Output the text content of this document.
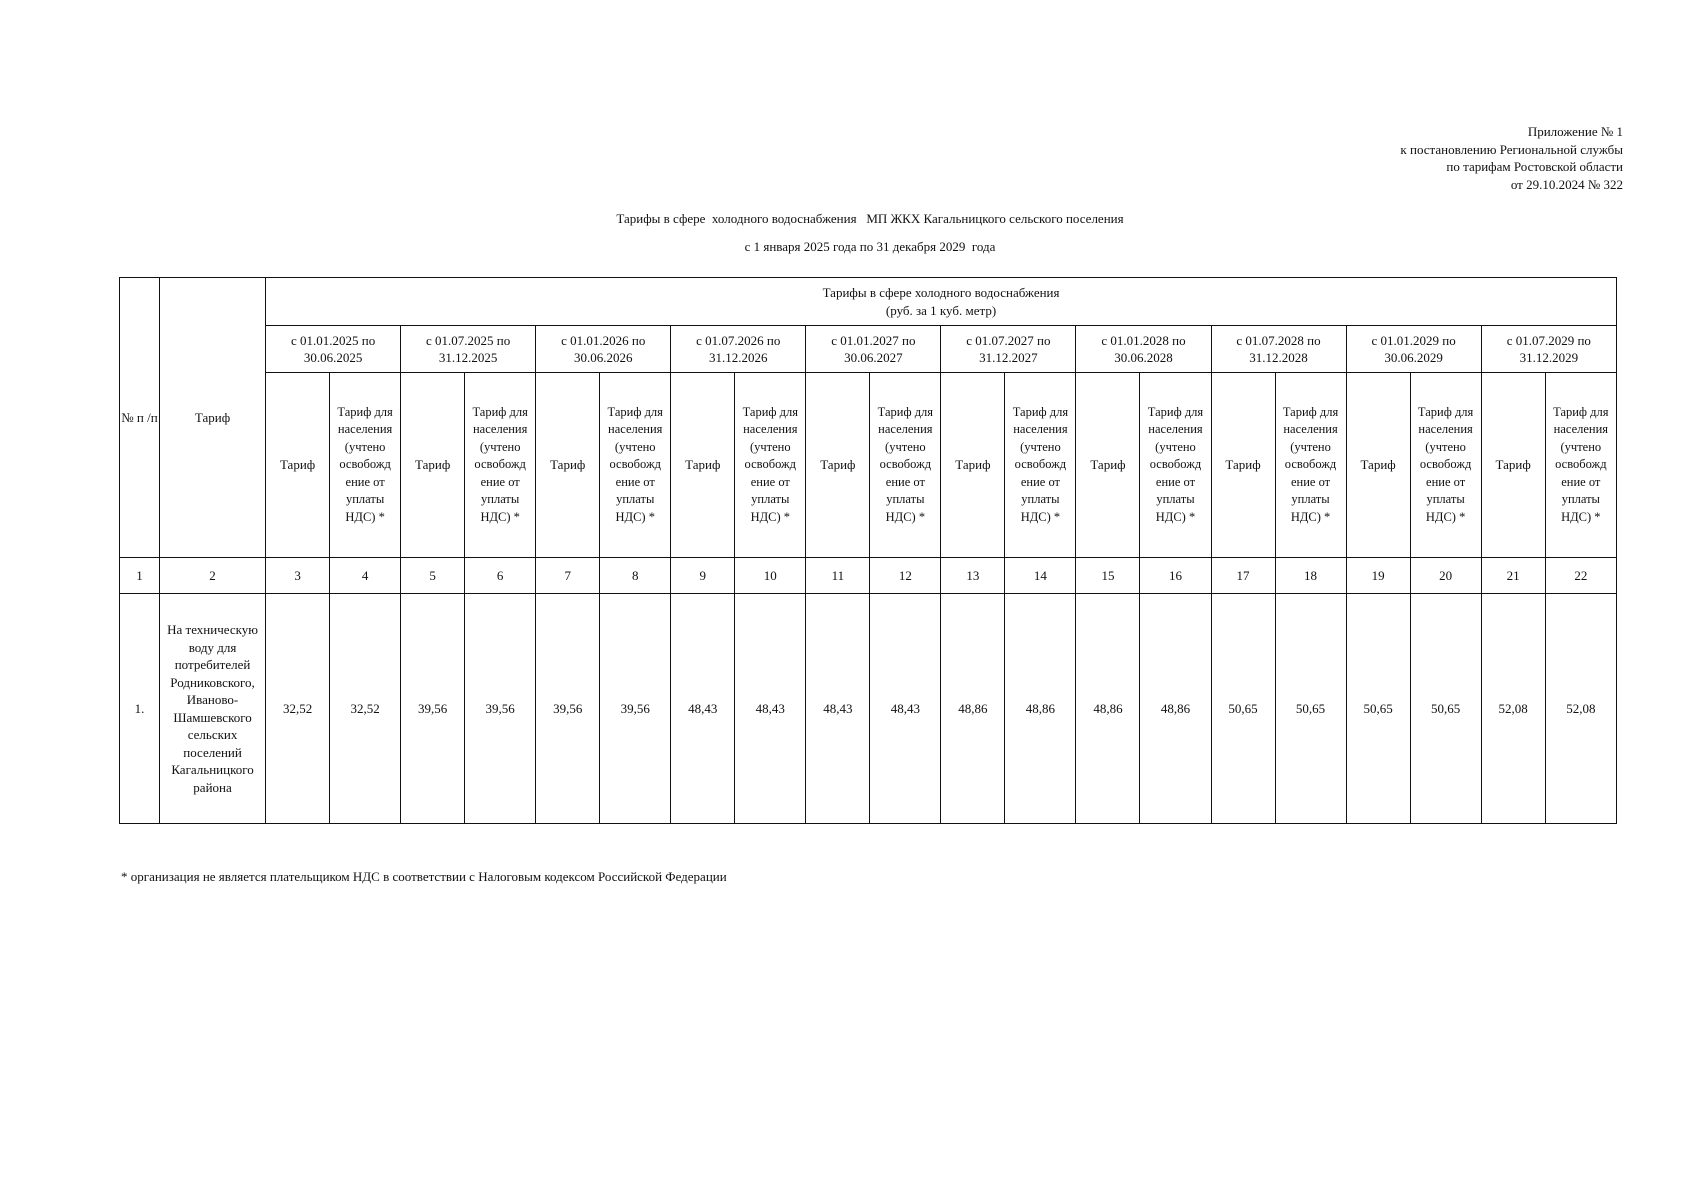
Приложение № 1
к постановлению Региональной службы
по тарифам Ростовской области
от 29.10.2024 № 322
Тарифы в сфере  холодного водоснабжения   МП ЖКХ Кагальницкого сельского поселения
с 1 января 2025 года по 31 декабря 2029  года
№ п /п	Тариф	Тарифы в сфере холодного водоснабжения
(руб. за 1 куб. метр)																			

		с 01.01.2025 по 30.06.2025		с 01.07.2025 по 31.12.2025		с 01.01.2026 по 30.06.2026		с 01.07.2026 по 31.12.2026		с 01.01.2027 по 30.06.2027		с 01.07.2027 по 31.12.2027		с 01.01.2028 по 30.06.2028		с 01.07.2028 по 31.12.2028		с 01.01.2029 по 30.06.2029		с 01.07.2029 по 31.12.2029	
		Тариф	Тариф для населения (учтено освобожд ение от уплаты НДС) *	Тариф	Тариф для населения (учтено освобожд ение от уплаты НДС) *	Тариф	Тариф для населения (учтено освобожд ение от уплаты НДС) *	Тариф	Тариф для населения (учтено освобожд ение от уплаты НДС) *	Тариф	Тариф для населения (учтено освобожд ение от уплаты НДС) *	Тариф	Тариф для населения (учтено освобожд ение от уплаты НДС) *	Тариф	Тариф для населения (учтено освобожд ение от уплаты НДС) *	Тариф	Тариф для населения (учтено освобожд ение от уплаты НДС) *	Тариф	Тариф для населения (учтено освобожд ение от уплаты НДС) *	Тариф	Тариф для населения (учтено освобожд ение от уплаты НДС) *
1	2	3	4	5	6	7	8	9	10	11	12	13	14	15	16	17	18	19	20	21	22
1.	На техническую воду для потребителей Родниковского, Иваново-Шамшевского сельских поселений Кагальницкого района	32,52	32,52	39,56	39,56	39,56	39,56	48,43	48,43	48,43	48,43	48,86	48,86	48,86	48,86	50,65	50,65	50,65	50,65	52,08	52,08
* организация не является плательщиком НДС в соответствии с Налоговым кодексом Российской Федерации
